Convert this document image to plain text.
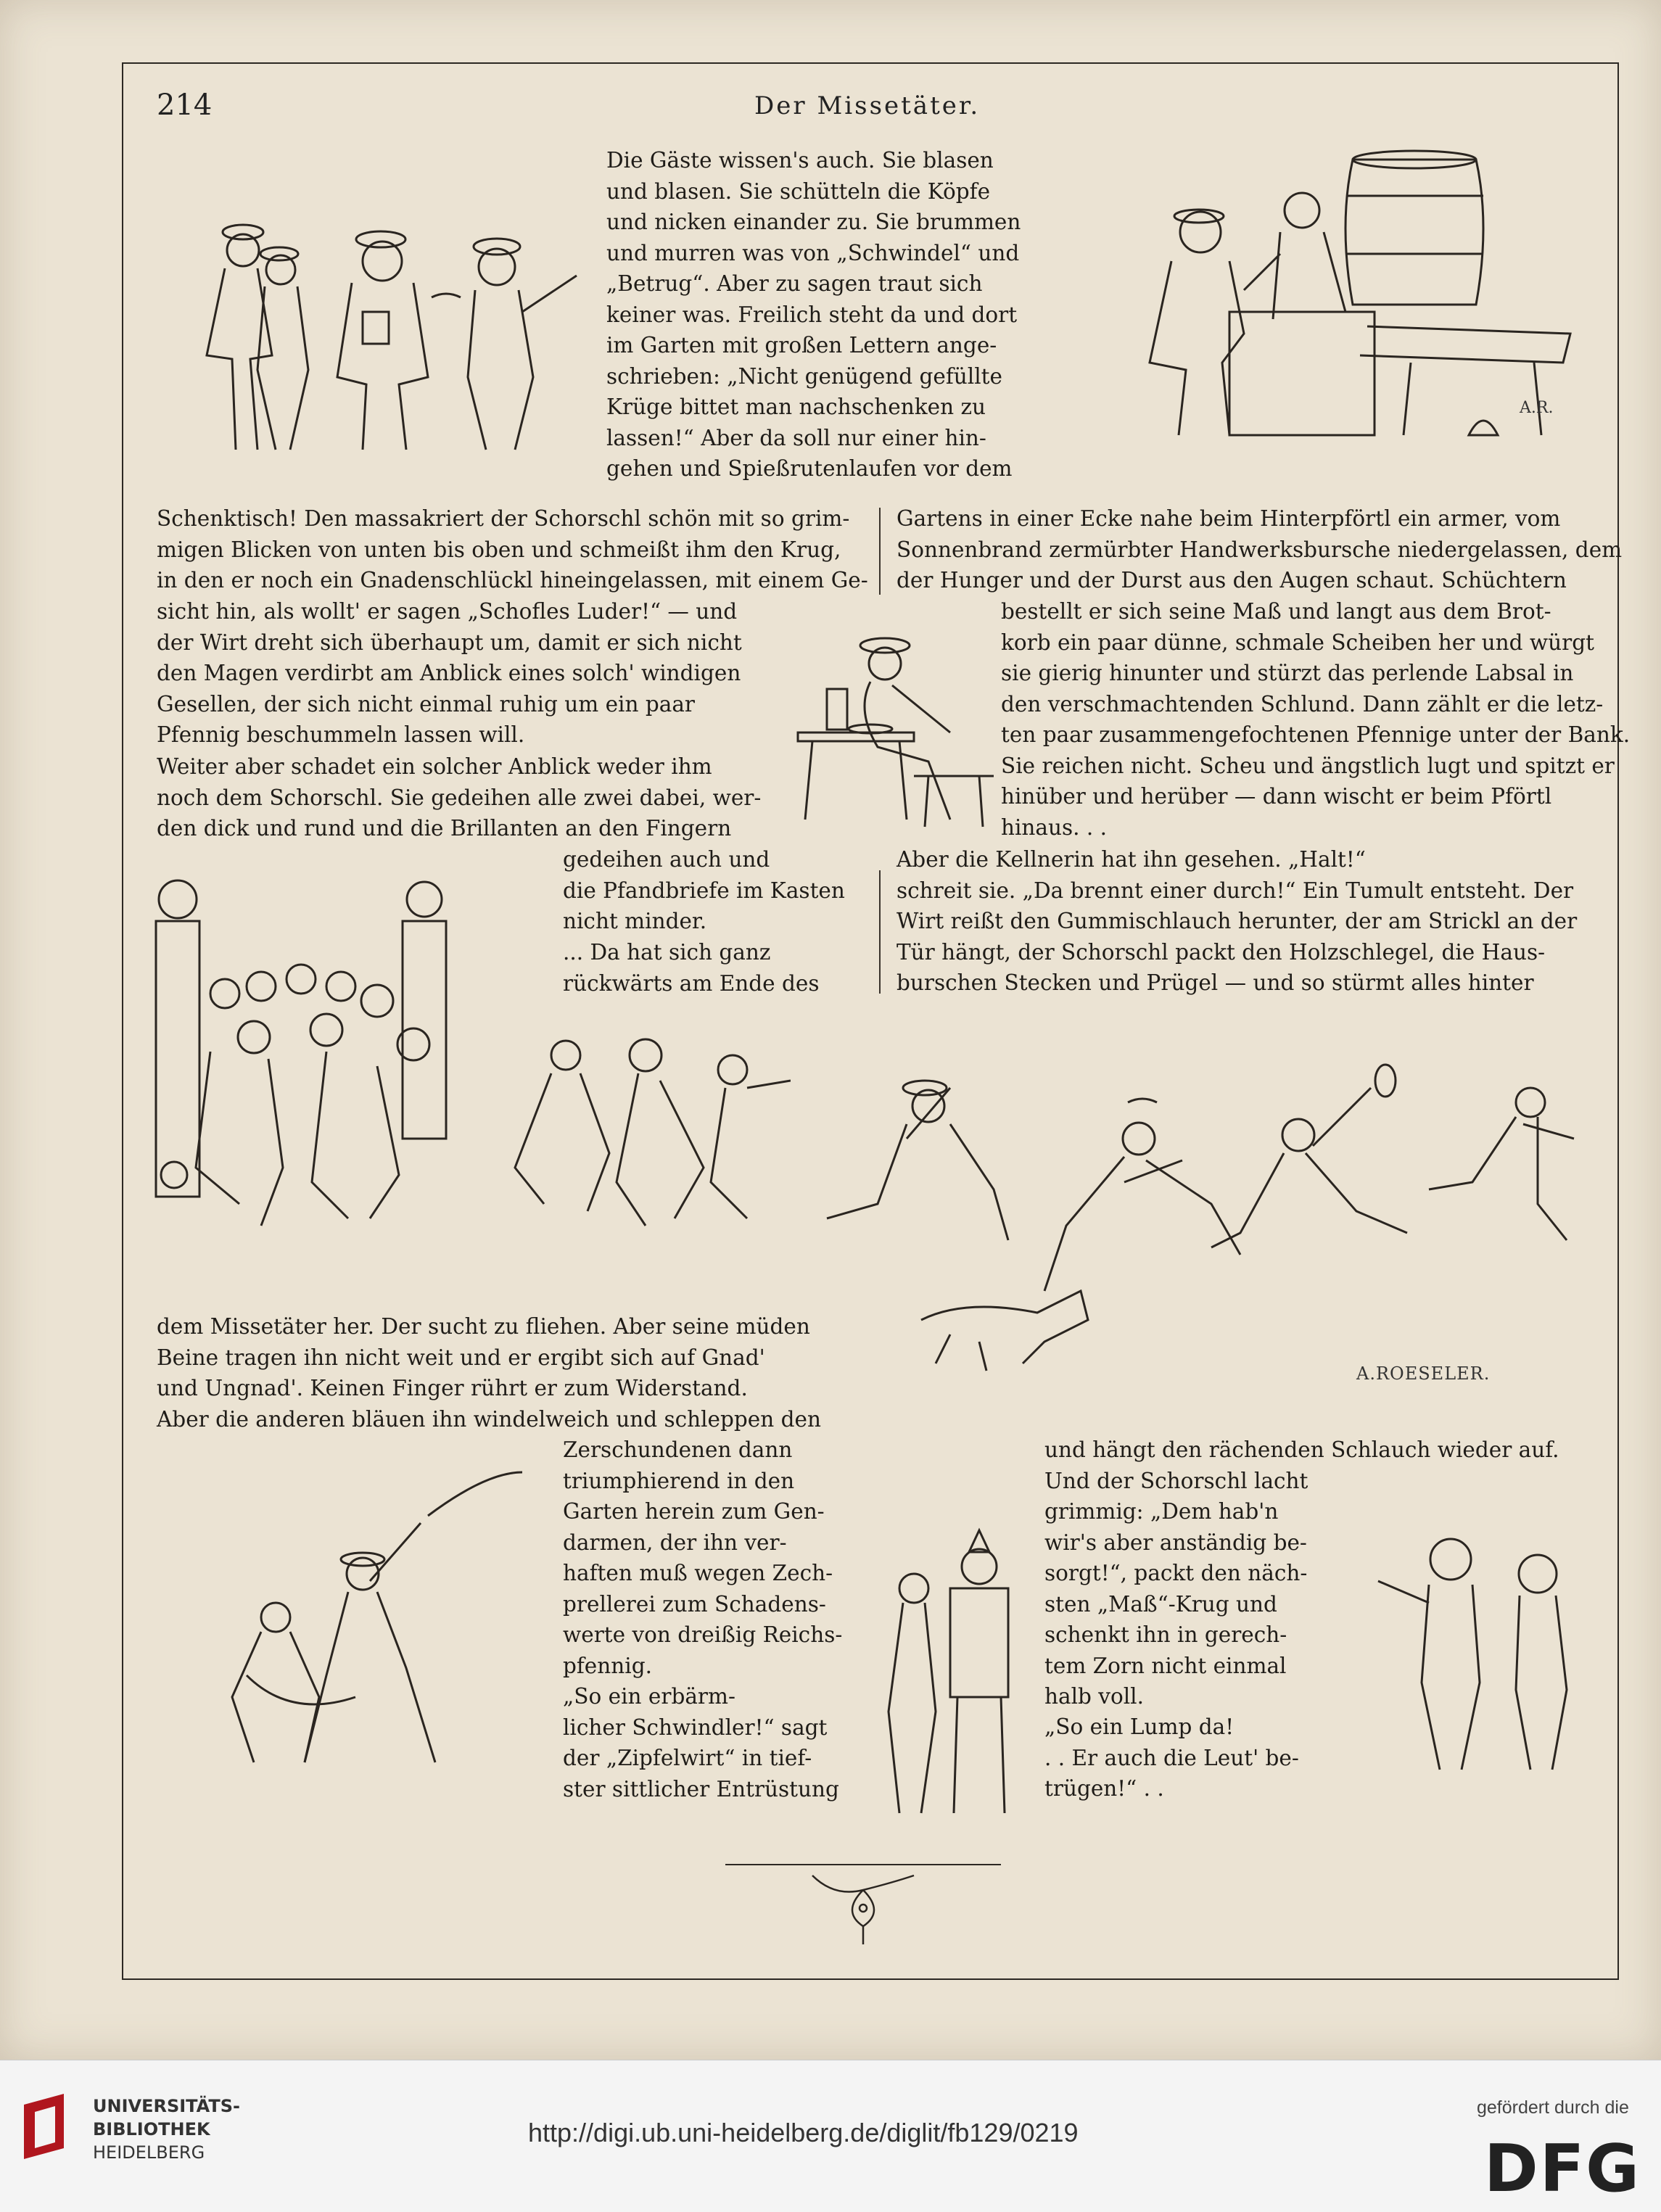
214	Der Missetäter.
A.R.
Die Gäste wissen's auch. Sie blasen
und blasen. Sie schütteln die Köpfe
und nicken einander zu. Sie brummen
und murren was von „Schwindel“ und
„Betrug“. Aber zu sagen traut sich
keiner was. Freilich steht da und dort
im Garten mit großen Lettern ange-
schrieben: „Nicht genügend gefüllte
Krüge bittet man nachschenken zu
lassen!“ Aber da soll nur einer hin-
gehen und Spießrutenlaufen vor dem
Schenktisch! Den massakriert der Schorschl schön mit so grim-
migen Blicken von unten bis oben und schmeißt ihm den Krug,
in den er noch ein Gnadenschlückl hineingelassen, mit einem Ge-
Gartens in einer Ecke nahe beim Hinterpförtl ein armer, vom
Sonnenbrand zermürbter Handwerksbursche niedergelassen, dem
der Hunger und der Durst aus den Augen schaut. Schüchtern
sicht hin, als wollt' er sagen „Schofles Luder!“ — und
der Wirt dreht sich überhaupt um, damit er sich nicht
den Magen verdirbt am Anblick eines solch' windigen
Gesellen, der sich nicht einmal ruhig um ein paar
Pfennig beschummeln lassen will.
bestellt er sich seine Maß und langt aus dem Brot-
korb ein paar dünne, schmale Scheiben her und würgt
sie gierig hinunter und stürzt das perlende Labsal in
den verschmachtenden Schlund. Dann zählt er die letz-
ten paar zusammengefochtenen Pfennige unter der Bank.
Sie reichen nicht. Scheu und ängstlich lugt und spitzt er
hinüber und herüber — dann wischt er beim Pförtl
hinaus. . .
Weiter aber schadet ein solcher Anblick weder ihm
noch dem Schorschl. Sie gedeihen alle zwei dabei, wer-
den dick und rund und die Brillanten an den Fingern
gedeihen auch und
die Pfandbriefe im Kasten
nicht minder.
... Da hat sich ganz
rückwärts am Ende des
Aber die Kellnerin hat ihn gesehen. „Halt!“
schreit sie. „Da brennt einer durch!“ Ein Tumult entsteht. Der
Wirt reißt den Gummischlauch herunter, der am Strickl an der
Tür hängt, der Schorschl packt den Holzschlegel, die Haus-
burschen Stecken und Prügel — und so stürmt alles hinter
A.ROESELER.
dem Missetäter her. Der sucht zu fliehen. Aber seine müden
Beine tragen ihn nicht weit und er ergibt sich auf Gnad'
und Ungnad'. Keinen Finger rührt er zum Widerstand.
Aber die anderen bläuen ihn windelweich und schleppen den
Zerschundenen dann
triumphierend in den
Garten herein zum Gen-
darmen, der ihn ver-
haften muß wegen Zech-
prellerei zum Schadens-
werte von dreißig Reichs-
pfennig.
„So ein erbärm-
licher Schwindler!“ sagt
der „Zipfelwirt“ in tief-
ster sittlicher Entrüstung
und hängt den rächenden Schlauch wieder auf.
Und der Schorschl lacht
grimmig: „Dem hab'n
wir's aber anständig be-
sorgt!“, packt den näch-
sten „Maß“-Krug und
schenkt ihn in gerech-
tem Zorn nicht einmal
halb voll.
„So ein Lump da!
. . Er auch die Leut' be-
trügen!“ . .
UNIVERSITÄTS-
BIBLIOTHEK
HEIDELBERG
http://digi.ub.uni-heidelberg.de/diglit/fb129/0219
gefördert durch die
DFG
